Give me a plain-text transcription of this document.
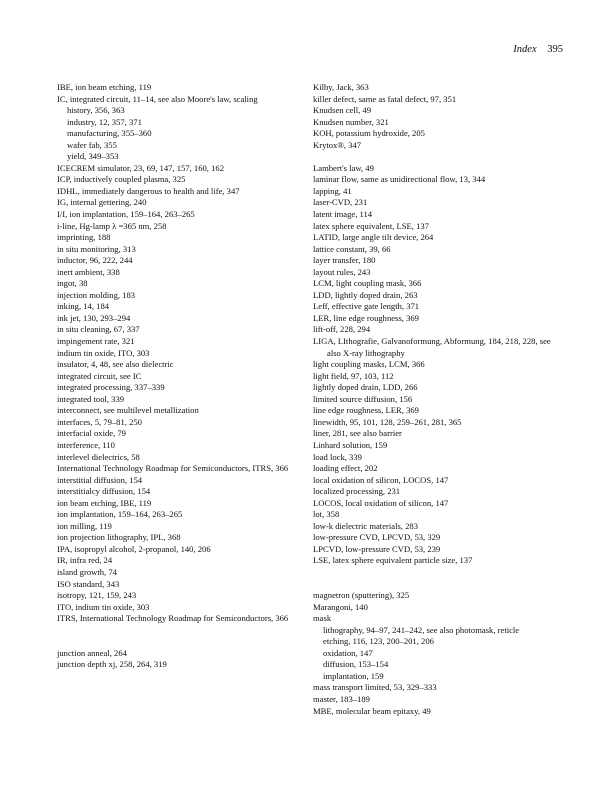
Index 395
IBE, ion beam etching, 119
IC, integrated circuit, 11–14, see also Moore's law, scaling
history, 356, 363
industry, 12, 357, 371
manufacturing, 355–360
wafer fab, 355
yield, 349–353
ICECREM simulator, 23, 69, 147, 157, 160, 162
ICP, inductively coupled plasma, 325
IDHL, immediately dangerous to health and life, 347
IG, internal gettering, 240
I/I, ion implantation, 159–164, 263–265
i-line, Hg-lamp λ =365 nm, 258
imprinting, 188
in situ monitoring, 313
inductor, 96, 222, 244
inert ambient, 338
ingot, 38
injection molding, 183
inking, 14, 184
ink jet, 130, 293–294
in situ cleaning, 67, 337
impingement rate, 321
indium tin oxide, ITO, 303
insulator, 4, 48, see also dielectric
integrated circuit, see IC
integrated processing, 337–339
integrated tool, 339
interconnect, see multilevel metallization
interfaces, 5, 79–81, 250
interfacial oxide, 79
interference, 110
interlevel dielectrics, 58
International Technology Roadmap for Semiconductors, ITRS, 366
interstitial diffusion, 154
interstitialcy diffusion, 154
ion beam etching, IBE, 119
ion implantation, 159–164, 263–265
ion milling, 119
ion projection lithography, IPL, 368
IPA, isopropyl alcohol, 2-propanol, 140, 206
IR, infra red, 24
island growth, 74
ISO standard, 343
isotropy, 121, 159, 243
ITO, indium tin oxide, 303
ITRS, International Technology Roadmap for Semiconductors, 366
junction anneal, 264
junction depth xj, 258, 264, 319
Kilby, Jack, 363
killer defect, same as fatal defect, 97, 351
Knudsen cell, 49
Knudsen number, 321
KOH, potassium hydroxide, 205
Krytox®, 347
Lambert's law, 49
laminar flow, same as unidirectional flow, 13, 344
lapping, 41
laser-CVD, 231
latent image, 114
latex sphere equivalent, LSE, 137
LATID, large angle tilt device, 264
lattice constant, 39, 66
layer transfer, 180
layout rules, 243
LCM, light coupling mask, 366
LDD, lightly doped drain, 263
Leff, effective gate length, 371
LER, line edge roughness, 369
lift-off, 228, 294
LIGA, LIthografie, Galvanoformung, Abformung, 184, 218, 228, see also X-ray lithography
light coupling masks, LCM, 366
light field, 97, 103, 112
lightly doped drain, LDD, 266
limited source diffusion, 156
line edge roughness, LER, 369
linewidth, 95, 101, 128, 259–261, 281, 365
liner, 281, see also barrier
Linhard solution, 159
load lock, 339
loading effect, 202
local oxidation of silicon, LOCOS, 147
localized processing, 231
LOCOS, local oxidation of silicon, 147
lot, 358
low-k dielectric materials, 283
low-pressure CVD, LPCVD, 53, 329
LPCVD, low-pressure CVD, 53, 239
LSE, latex sphere equivalent particle size, 137
magnetron (sputtering), 325
Marangoni, 140
mask
lithography, 94–97, 241–242, see also photomask, reticle
etching, 116, 123, 200–201, 206
oxidation, 147
diffusion, 153–154
implantation, 159
mass transport limited, 53, 329–333
master, 183–189
MBE, molecular beam epitaxy, 49
